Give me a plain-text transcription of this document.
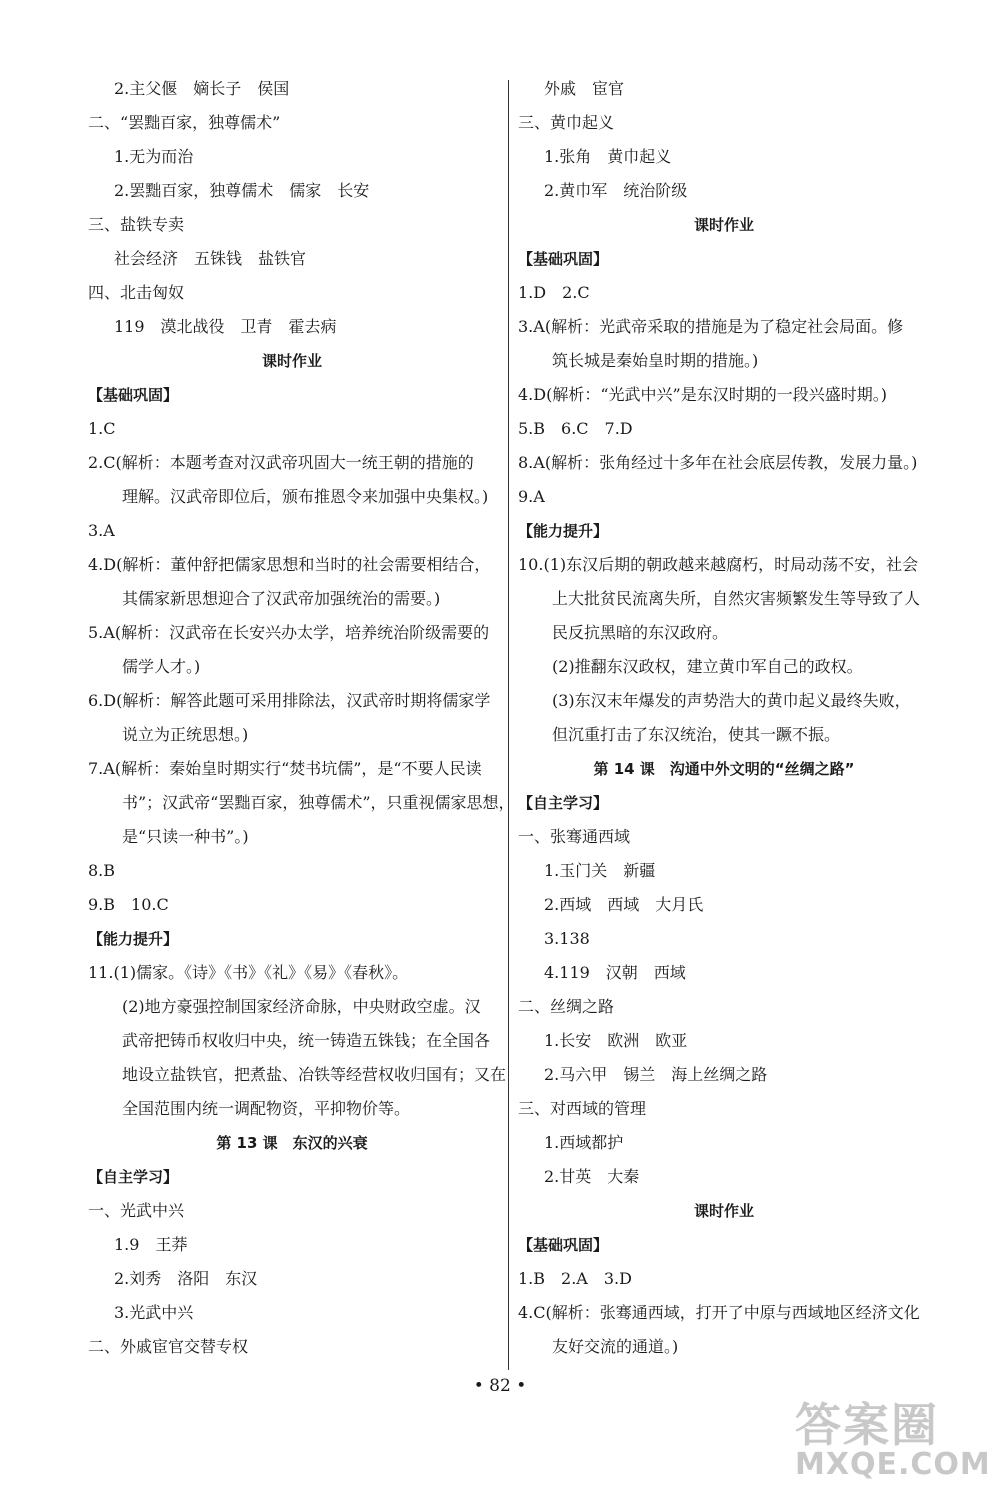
2.主父偃　嫡长子　侯国
二、“罢黜百家，独尊儒术”
1.无为而治
2.罢黜百家，独尊儒术　儒家　长安
三、盐铁专卖
社会经济　五铢钱　盐铁官
四、北击匈奴
119　漠北战役　卫青　霍去病
课时作业
【基础巩固】
1.C
2.C(解析：本题考查对汉武帝巩固大一统王朝的措施的
理解。汉武帝即位后，颁布推恩令来加强中央集权。)
3.A
4.D(解析：董仲舒把儒家思想和当时的社会需要相结合，
其儒家新思想迎合了汉武帝加强统治的需要。)
5.A(解析：汉武帝在长安兴办太学，培养统治阶级需要的
儒学人才。)
6.D(解析：解答此题可采用排除法，汉武帝时期将儒家学
说立为正统思想。)
7.A(解析：秦始皇时期实行“焚书坑儒”，是“不要人民读
书”；汉武帝“罢黜百家，独尊儒术”，只重视儒家思想，
是“只读一种书”。)
8.B
9.B　10.C
【能力提升】
11.(1)儒家。《诗》《书》《礼》《易》《春秋》。
(2)地方豪强控制国家经济命脉，中央财政空虚。汉
武帝把铸币权收归中央，统一铸造五铢钱；在全国各
地设立盐铁官，把煮盐、冶铁等经营权收归国有；又在
全国范围内统一调配物资，平抑物价等。
第 13 课　东汉的兴衰
【自主学习】
一、光武中兴
1.9　王莽
2.刘秀　洛阳　东汉
3.光武中兴
二、外戚宦官交替专权
外戚　宦官
三、黄巾起义
1.张角　黄巾起义
2.黄巾军　统治阶级
课时作业
【基础巩固】
1.D　2.C
3.A(解析：光武帝采取的措施是为了稳定社会局面。修
筑长城是秦始皇时期的措施。)
4.D(解析：“光武中兴”是东汉时期的一段兴盛时期。)
5.B　6.C　7.D
8.A(解析：张角经过十多年在社会底层传教，发展力量。)
9.A
【能力提升】
10.(1)东汉后期的朝政越来越腐朽，时局动荡不安，社会
上大批贫民流离失所，自然灾害频繁发生等导致了人
民反抗黑暗的东汉政府。
(2)推翻东汉政权，建立黄巾军自己的政权。
(3)东汉末年爆发的声势浩大的黄巾起义最终失败，
但沉重打击了东汉统治，使其一蹶不振。
第 14 课　沟通中外文明的“丝绸之路”
【自主学习】
一、张骞通西域
1.玉门关　新疆
2.西域　西域　大月氏
3.138
4.119　汉朝　西域
二、丝绸之路
1.长安　欧洲　欧亚
2.马六甲　锡兰　海上丝绸之路
三、对西域的管理
1.西域都护
2.甘英　大秦
课时作业
【基础巩固】
1.B　2.A　3.D
4.C(解析：张骞通西域，打开了中原与西域地区经济文化
友好交流的通道。)
• 82 •
答案圈
MXQE.COM
